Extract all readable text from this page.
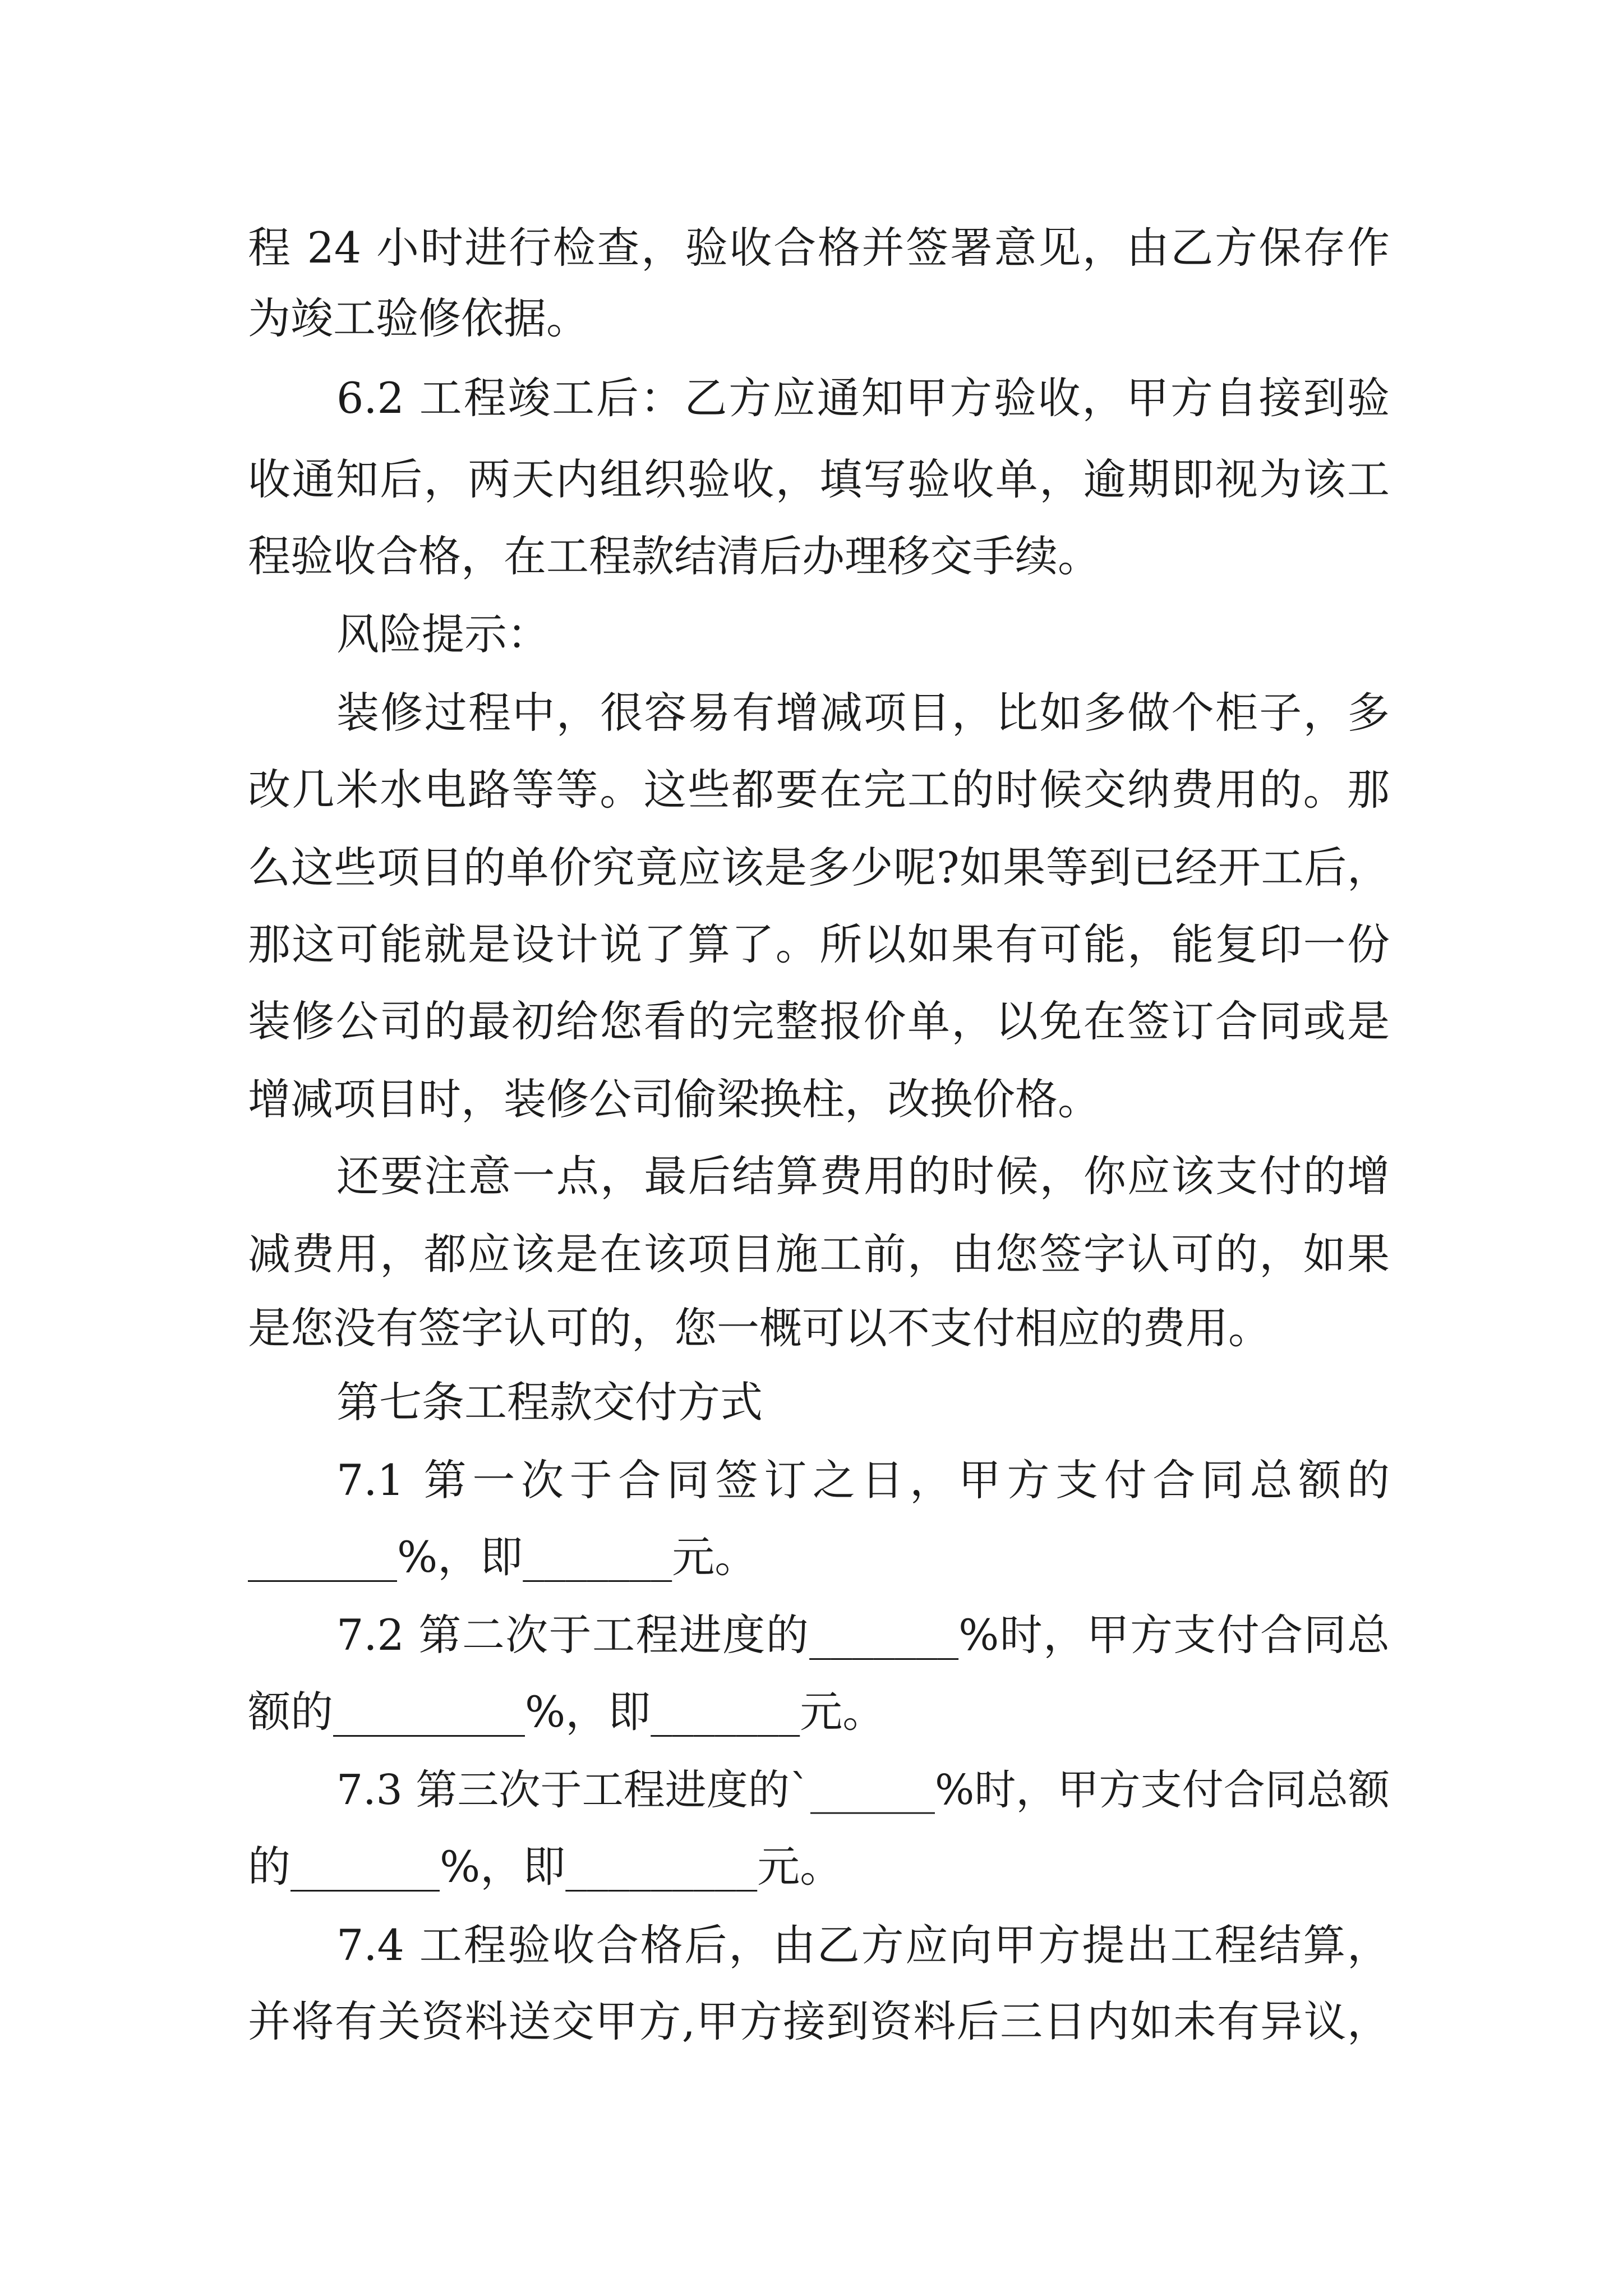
程 24 小时进行检查，验收合格并签署意见，由乙方保存作
为竣工验修依据。
6.2 工程竣工后：乙方应通知甲方验收，甲方自接到验
收通知后，两天内组织验收，填写验收单，逾期即视为该工
程验收合格，在工程款结清后办理移交手续。
风险提示：
装修过程中，很容易有增减项目，比如多做个柜子，多
改几米水电路等等。这些都要在完工的时候交纳费用的。那
么这些项目的单价究竟应该是多少呢?如果等到已经开工后，
那这可能就是设计说了算了。所以如果有可能，能复印一份
装修公司的最初给您看的完整报价单，以免在签订合同或是
增减项目时，装修公司偷梁换柱，改换价格。
还要注意一点，最后结算费用的时候，你应该支付的增
减费用，都应该是在该项目施工前，由您签字认可的，如果
是您没有签字认可的，您一概可以不支付相应的费用。
第七条工程款交付方式
7.1 第一次于合同签订之日，甲方支付合同总额的
_______%，即_______元。
7.2 第二次于工程进度的_______%时，甲方支付合同总
额的_________%，即_______元。
7.3 第三次于工程进度的`______%时，甲方支付合同总额
的_______%，即_________元。
7.4 工程验收合格后，由乙方应向甲方提出工程结算，
并将有关资料送交甲方,甲方接到资料后三日内如未有异议，
